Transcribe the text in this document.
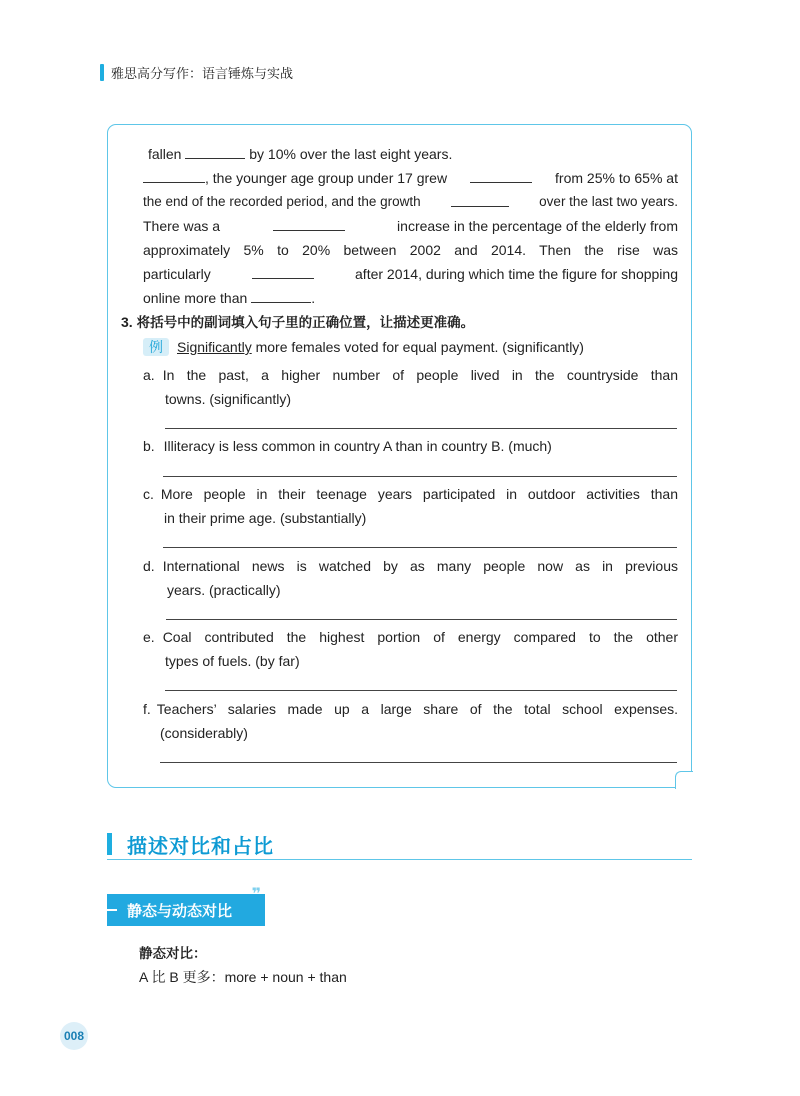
雅思高分写作：语言锤炼与实战
fallen	by 10% over the last eight years.
, the younger age group under 17 grew	from 25% to 65% at
the end of the recorded period, and the growth	over the last two years.
There was a	increase in the percentage of the elderly from
approximately 5% to 20% between 2002 and 2014. Then the rise was
particularly	after 2014, during which time the figure for shopping
online more than	.
3. 将括号中的副词填入句子里的正确位置，让描述更准确。
例 Significantly more females voted for equal payment. (significantly)
a. In the past, a higher number of people lived in the countryside than
towns. (significantly)
b. Illiteracy is less common in country A than in country B. (much)
c. More people in their teenage years participated in outdoor activities than
in their prime age. (substantially)
d. International news is watched by as many people now as in previous
years. (practically)
e. Coal contributed the highest portion of energy compared to the other
types of fuels. (by far)
f. Teachers’ salaries made up a large share of the total school expenses.
(considerably)
描述对比和占比
静态与动态对比
❞
静态对比：
A 比 B 更多：more + noun + than
008
